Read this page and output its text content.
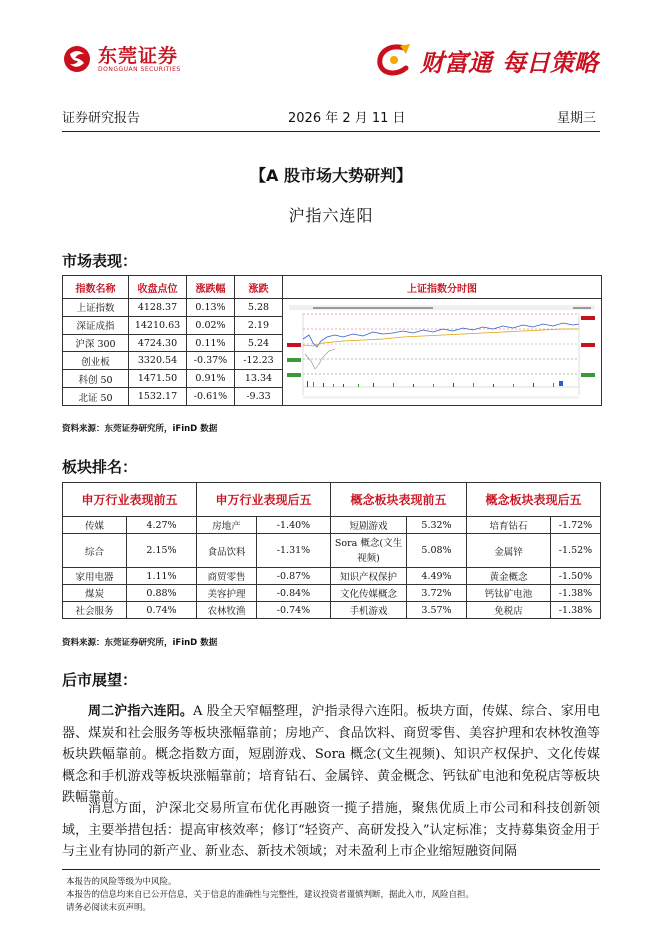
东莞证券
DONGGUAN SECURITIES	财富通 每日策略
证券研究报告	2026 年 2 月 11 日	星期三
【A 股市场大势研判】
沪指六连阳
市场表现：
指数名称	收盘点位	涨跌幅	涨跌	上证指数分时图
上证指数	4128.37	0.13%	5.28	
深证成指	14210.63	0.02%	2.19	
沪深 300	4724.30	0.11%	5.24	
创业板	3320.54	-0.37%	-12.23	
科创 50	1471.50	0.91%	13.34	
北证 50	1532.17	-0.61%	-9.33	
资料来源：东莞证券研究所，iFinD 数据
板块排名：
申万行业表现前五		申万行业表现后五		概念板块表现前五		概念板块表现后五	
传媒	4.27%	房地产	-1.40%	短剧游戏	5.32%	培育钻石	-1.72%
综合	2.15%	食品饮料	-1.31%	Sora 概念(文生视频)	5.08%	金属锌	-1.52%
家用电器	1.11%	商贸零售	-0.87%	知识产权保护	4.49%	黄金概念	-1.50%
煤炭	0.88%	美容护理	-0.84%	文化传媒概念	3.72%	钙钛矿电池	-1.38%
社会服务	0.74%	农林牧渔	-0.74%	手机游戏	3.57%	免税店	-1.38%
资料来源：东莞证券研究所，iFinD 数据
后市展望：
周二沪指六连阳。A 股全天窄幅整理，沪指录得六连阳。板块方面，传媒、综合、家用电器、煤炭和社会服务等板块涨幅靠前；房地产、食品饮料、商贸零售、美容护理和农林牧渔等板块跌幅靠前。概念指数方面，短剧游戏、Sora 概念(文生视频)、知识产权保护、文化传媒概念和手机游戏等板块涨幅靠前；培育钻石、金属锌、黄金概念、钙钛矿电池和免税店等板块跌幅靠前。
消息方面，沪深北交易所宣布优化再融资一揽子措施，聚焦优质上市公司和科技创新领域，主要举措包括：提高审核效率；修订“轻资产、高研发投入”认定标准；支持募集资金用于与主业有协同的新产业、新业态、新技术领域；对未盈利上市企业缩短融资间隔
本报告的风险等级为中风险。
本报告的信息均来自已公开信息，关于信息的准确性与完整性，建议投资者谨慎判断，据此入市，风险自担。
请务必阅读末页声明。
